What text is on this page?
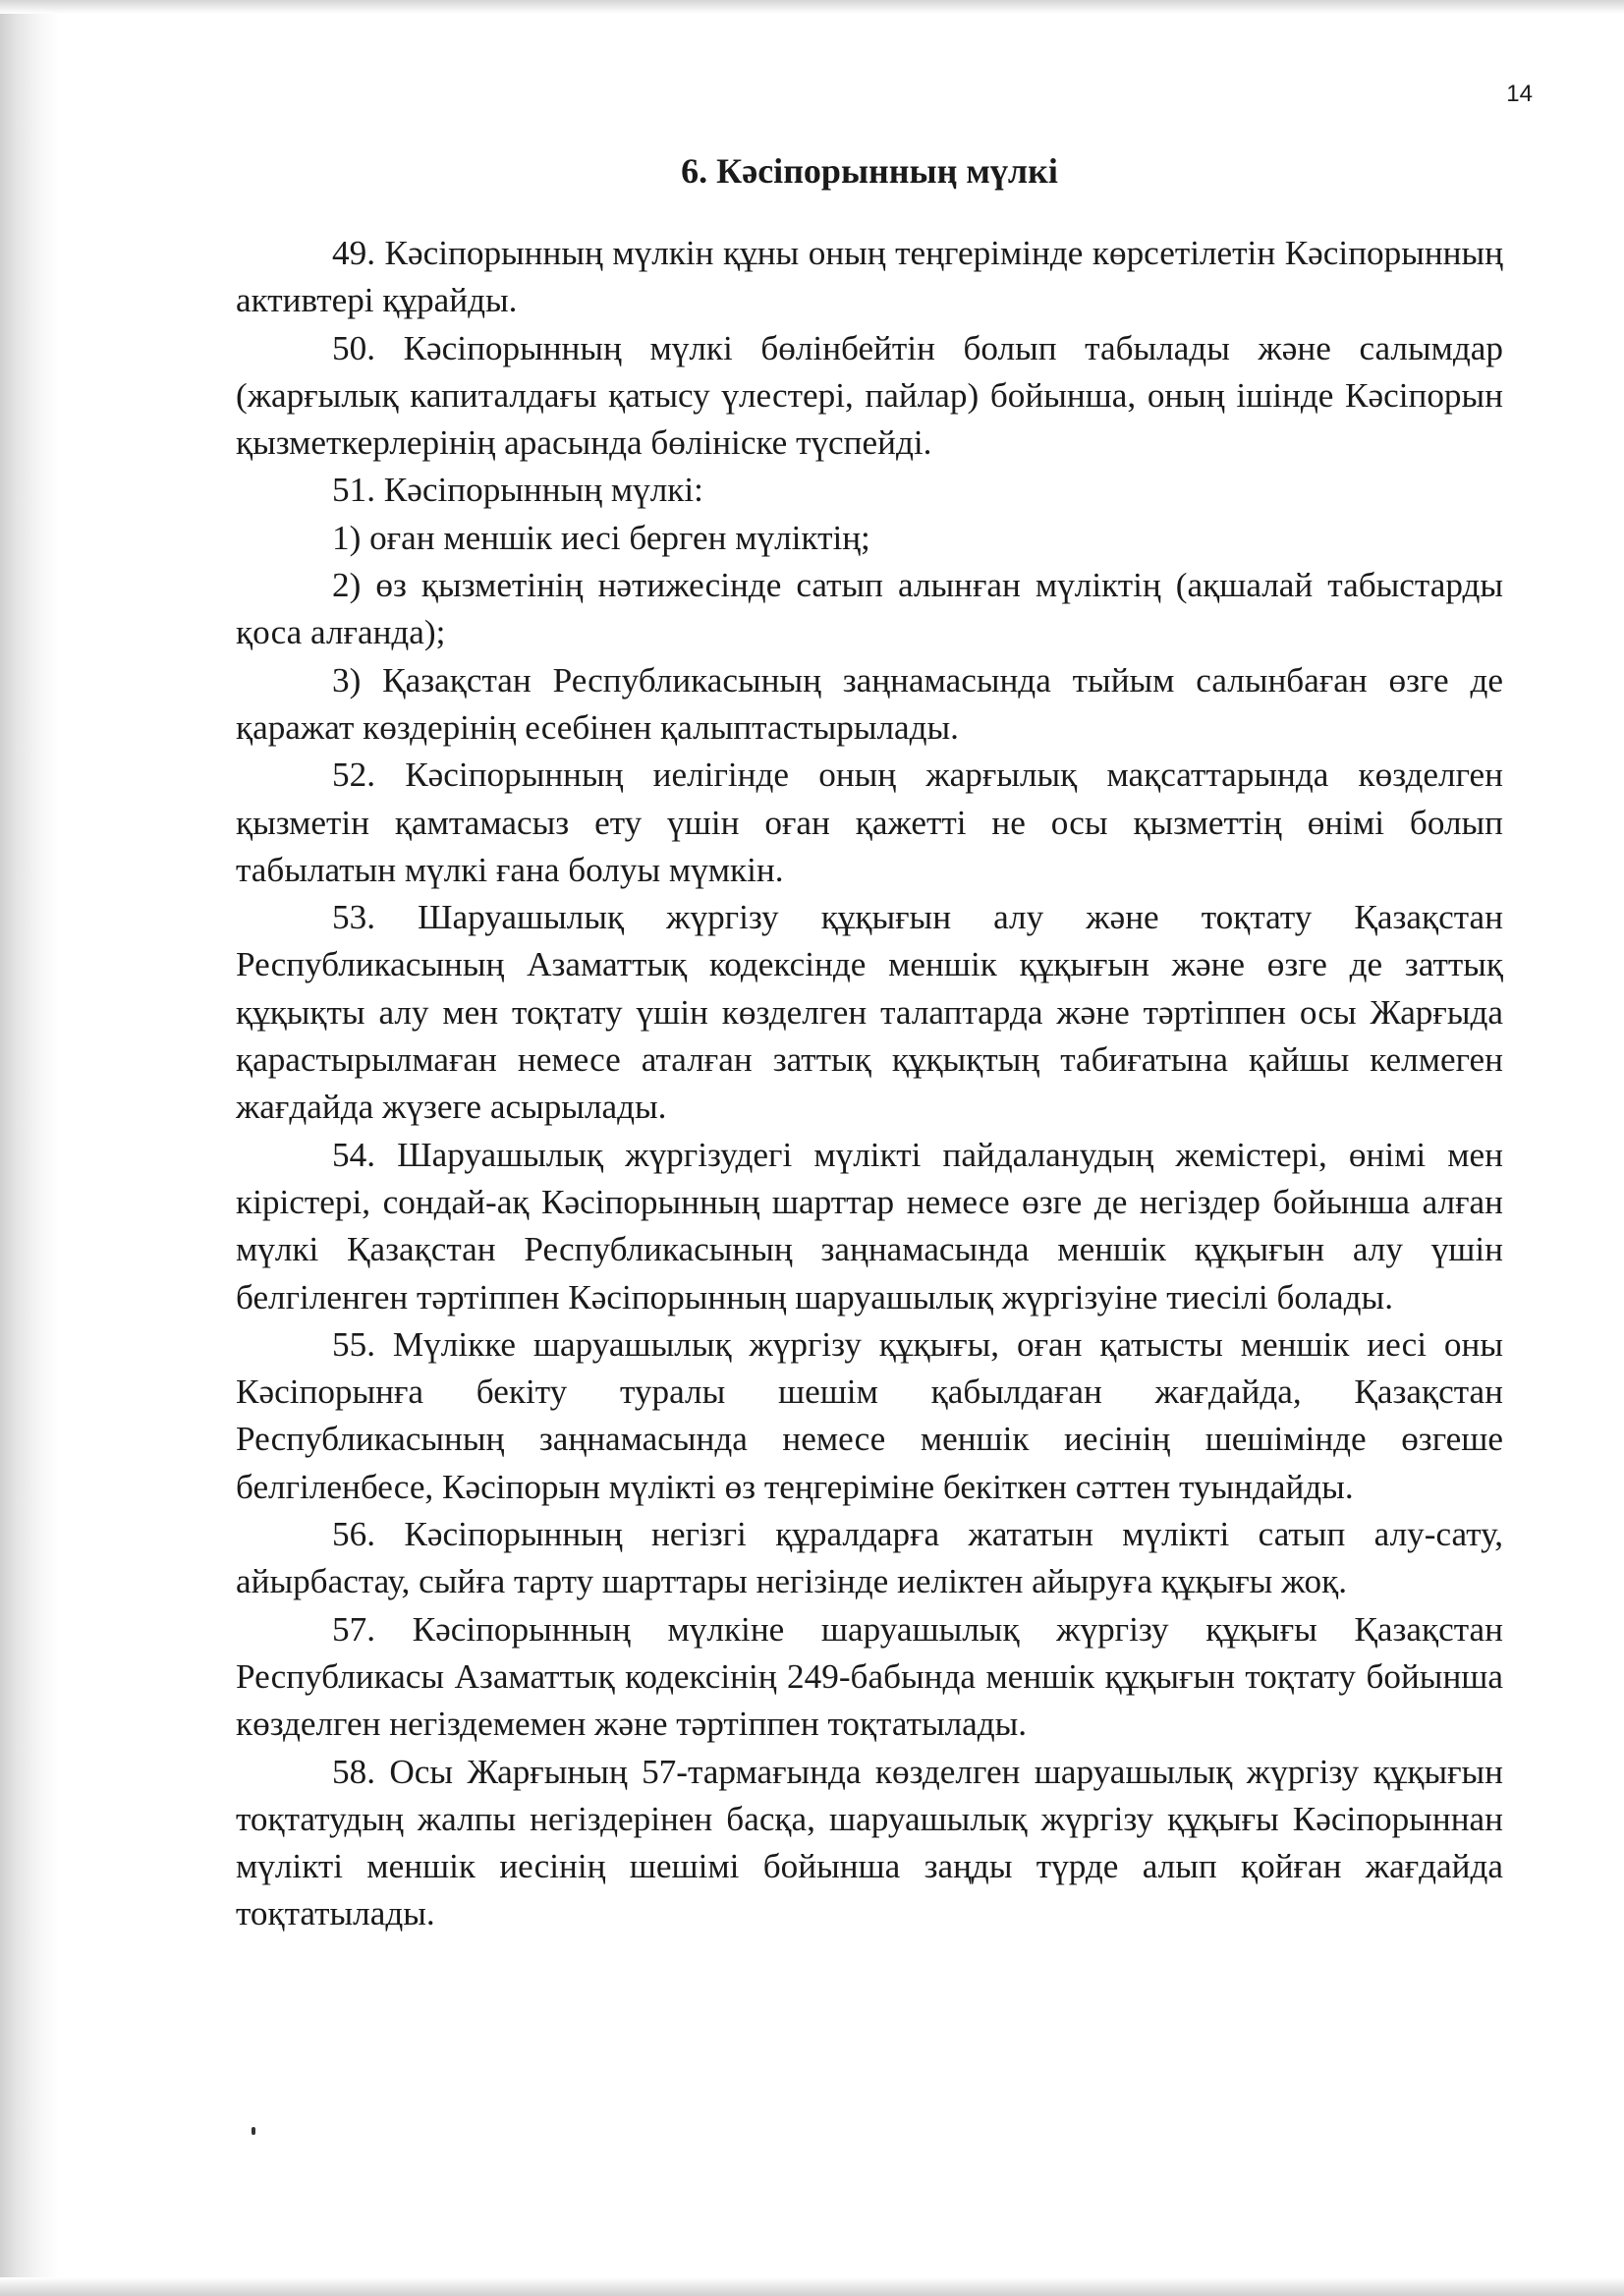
14
6. Кәсіпорынның мүлкі

49. Кәсіпорынның мүлкін құны оның теңгерімінде көрсетілетін Кәсіпорынның активтері құрайды.

50. Кәсіпорынның мүлкі бөлінбейтін болып табылады және салымдар (жарғылық капиталдағы қатысу үлестері, пайлар) бойынша, оның ішінде Кәсіпорын қызметкерлерінің арасында бөлініске түспейді.

51. Кәсіпорынның мүлкі:

1) оған меншік иесі берген мүліктің;

2) өз қызметінің нәтижесінде сатып алынған мүліктің (ақшалай табыстарды қоса алғанда);

3) Қазақстан Республикасының заңнамасында тыйым салынбаған өзге де қаражат көздерінің есебінен қалыптастырылады.

52. Кәсіпорынның иелігінде оның жарғылық мақсаттарында көзделген қызметін қамтамасыз ету үшін оған қажетті не осы қызметтің өнімі болып табылатын мүлкі ғана болуы мүмкін.

53. Шаруашылық жүргізу құқығын алу және тоқтату Қазақстан Республикасының Азаматтық кодексінде меншік құқығын және өзге де заттық құқықты алу мен тоқтату үшін көзделген талаптарда және тәртіппен осы Жарғыда қарастырылмаған немесе аталған заттық құқықтың табиғатына қайшы келмеген жағдайда жүзеге асырылады.

54. Шаруашылық жүргізудегі мүлікті пайдаланудың жемістері, өнімі мен кірістері, сондай-ақ Кәсіпорынның шарттар немесе өзге де негіздер бойынша алған мүлкі Қазақстан Республикасының заңнамасында меншік құқығын алу үшін белгіленген тәртіппен Кәсіпорынның шаруашылық жүргізуіне тиесілі болады.

55. Мүлікке шаруашылық жүргізу құқығы, оған қатысты меншік иесі оны Кәсіпорынға бекіту туралы шешім қабылдаған жағдайда, Қазақстан Республикасының заңнамасында немесе меншік иесінің шешімінде өзгеше белгіленбесе, Кәсіпорын мүлікті өз теңгеріміне бекіткен сәттен туындайды.

56. Кәсіпорынның негізгі құралдарға жататын мүлікті сатып алу-сату, айырбастау, сыйға тарту шарттары негізінде иеліктен айыруға құқығы жоқ.

57. Кәсіпорынның мүлкіне шаруашылық жүргізу құқығы Қазақстан Республикасы Азаматтық кодексінің 249-бабында меншік құқығын тоқтату бойынша көзделген негіздемемен және тәртіппен тоқтатылады.

58. Осы Жарғының 57-тармағында көзделген шаруашылық жүргізу құқығын тоқтатудың жалпы негіздерінен басқа, шаруашылық жүргізу құқығы Кәсіпорыннан мүлікті меншік иесінің шешімі бойынша заңды түрде алып қойған жағдайда тоқтатылады.
